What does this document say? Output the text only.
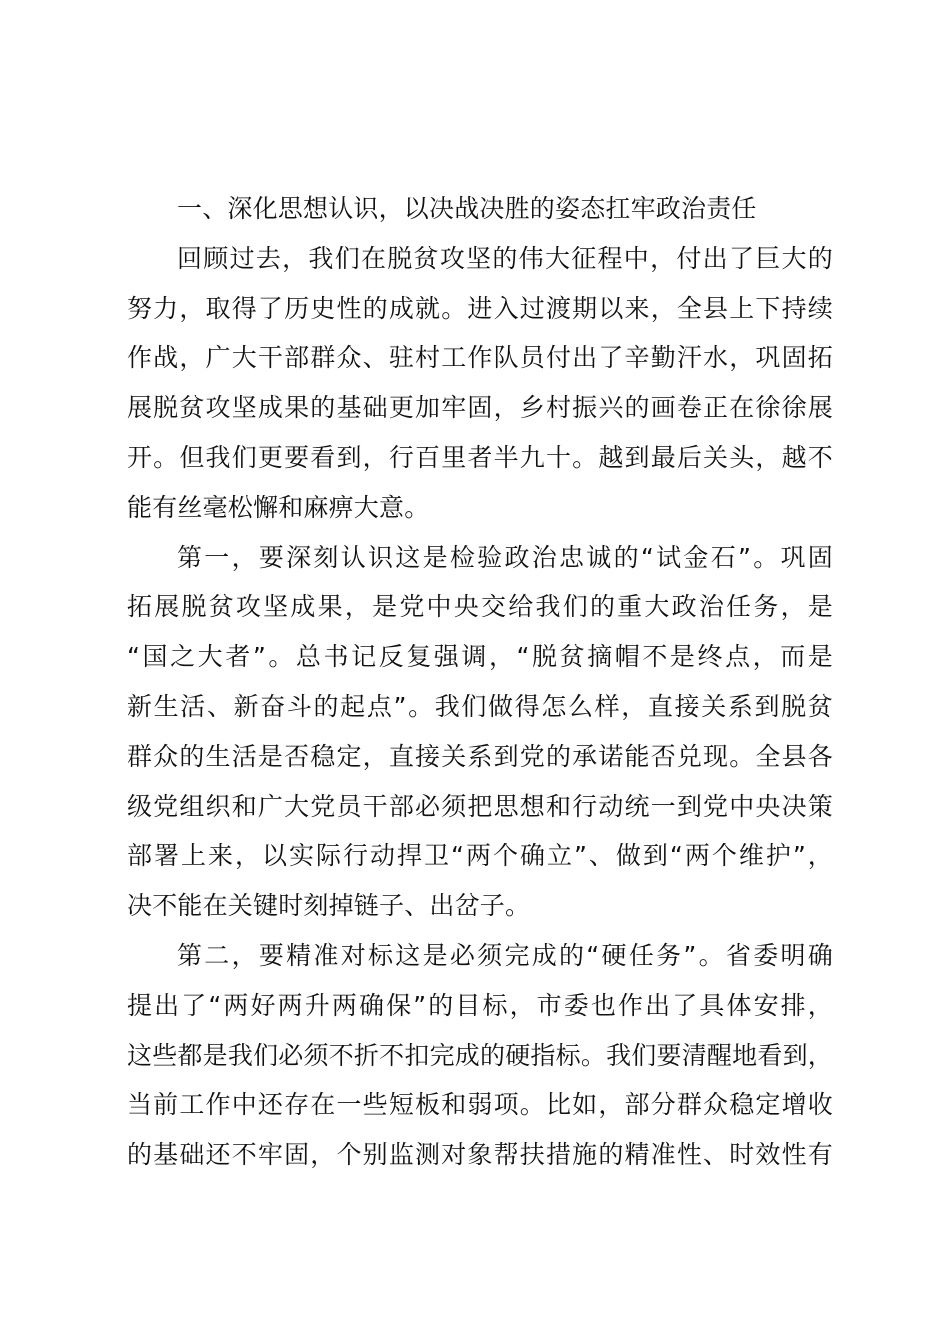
一、深化思想认识，以决战决胜的姿态扛牢政治责任
回顾过去，我们在脱贫攻坚的伟大征程中，付出了巨大的
努力，取得了历史性的成就。进入过渡期以来，全县上下持续
作战，广大干部群众、驻村工作队员付出了辛勤汗水，巩固拓
展脱贫攻坚成果的基础更加牢固，乡村振兴的画卷正在徐徐展
开。但我们更要看到，行百里者半九十。越到最后关头，越不
能有丝毫松懈和麻痹大意。
第一，要深刻认识这是检验政治忠诚的“试金石”。巩固
拓展脱贫攻坚成果，是党中央交给我们的重大政治任务，是
“国之大者”。总书记反复强调，“脱贫摘帽不是终点，而是
新生活、新奋斗的起点”。我们做得怎么样，直接关系到脱贫
群众的生活是否稳定，直接关系到党的承诺能否兑现。全县各
级党组织和广大党员干部必须把思想和行动统一到党中央决策
部署上来，以实际行动捍卫“两个确立”、做到“两个维护”，
决不能在关键时刻掉链子、出岔子。
第二，要精准对标这是必须完成的“硬任务”。省委明确
提出了“两好两升两确保”的目标，市委也作出了具体安排，
这些都是我们必须不折不扣完成的硬指标。我们要清醒地看到，
当前工作中还存在一些短板和弱项。比如，部分群众稳定增收
的基础还不牢固，个别监测对象帮扶措施的精准性、时效性有
